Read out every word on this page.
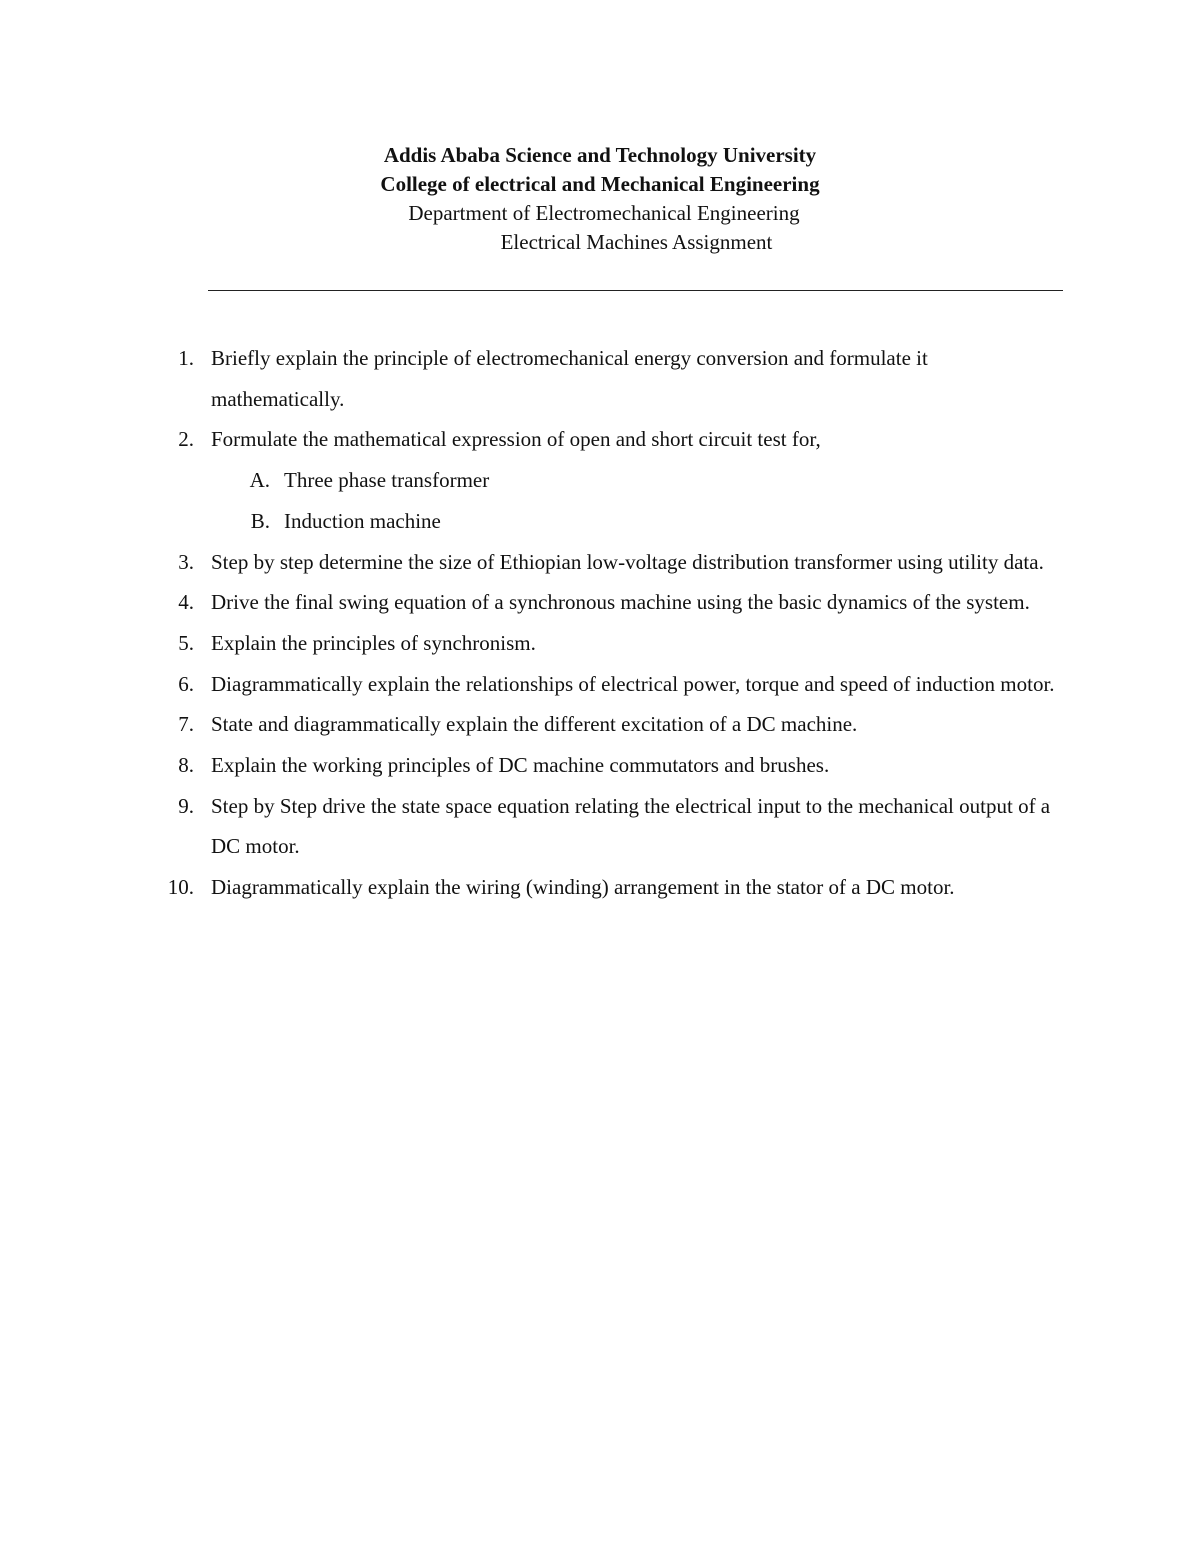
Addis Ababa Science and Technology University
College of electrical and Mechanical Engineering
Department of Electromechanical Engineering
Electrical Machines Assignment
1. Briefly explain the principle of electromechanical energy conversion and formulate it mathematically.
2. Formulate the mathematical expression of open and short circuit test for,
A. Three phase transformer
B. Induction machine
3. Step by step determine the size of Ethiopian low-voltage distribution transformer using utility data.
4. Drive the final swing equation of a synchronous machine using the basic dynamics of the system.
5. Explain the principles of synchronism.
6. Diagrammatically explain the relationships of electrical power, torque and speed of induction motor.
7. State and diagrammatically explain the different excitation of a DC machine.
8. Explain the working principles of DC machine commutators and brushes.
9. Step by Step drive the state space equation relating the electrical input to the mechanical output of a DC motor.
10. Diagrammatically explain the wiring (winding) arrangement in the stator of a DC motor.
